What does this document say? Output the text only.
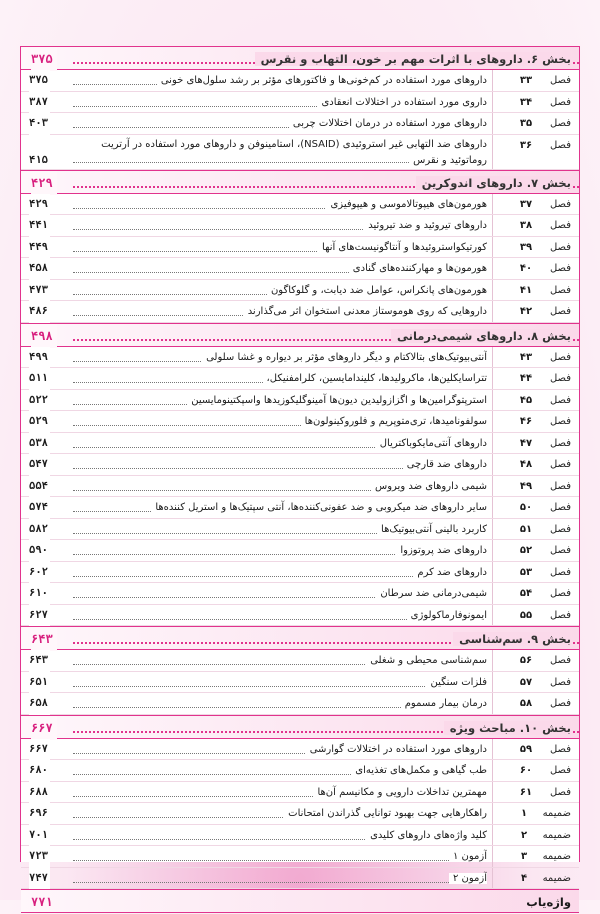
بخش ۶. داروهای با اثرات مهم بر خون، التهاب و نقرس
۳۷۵
فصل
۳۳
داروهای مورد استفاده در کم‌خونی‌ها و فاکتورهای مؤثر بر رشد سلول‌های خونی
۳۷۵
فصل
۳۴
داروی مورد استفاده در اختلالات انعقادی
۳۸۷
فصل
۳۵
داروهای مورد استفاده در درمان اختلالات چربی
۴۰۳
فصل
۳۶
داروهای ضد التهابی غیر استروئیدی (NSAID)، استامینوفن و داروهای مورد استفاده در آرتریت روماتوئید و نقرس
۴۱۵
بخش ۷. داروهای اندوکرین
۴۲۹
فصل
۳۷
هورمون‌های هیپوتالاموسی و هیپوفیزی
۴۲۹
فصل
۳۸
داروهای تیروئید و ضد تیروئید
۴۴۱
فصل
۳۹
کورتیکواستروئیدها و آنتاگونیست‌های آنها
۴۴۹
فصل
۴۰
هورمون‌ها و مهارکننده‌های گنادی
۴۵۸
فصل
۴۱
هورمون‌های پانکراس، عوامل ضد دیابت، و گلوکاگون
۴۷۳
فصل
۴۲
داروهایی که روی هوموستاز معدنی استخوان اثر می‌گذارند
۴۸۶
بخش ۸. داروهای شیمی‌درمانی
۴۹۸
فصل
۴۳
آنتی‌بیوتیک‌های بتالاکتام و دیگر داروهای مؤثر بر دیواره و غشا سلولی
۴۹۹
فصل
۴۴
تتراسایکلین‌ها، ماکرولیدها، کلیندامایسین، کلرامفنیکل،
۵۱۱
فصل
۴۵
استرپتوگرامین‌ها و اگزازولیدین دیون‌ها آمینوگلیکوزیدها واسپکتینومایسین
۵۲۲
فصل
۴۶
سولفونامیدها، تری‌متوپریم و فلوروکینولون‌ها
۵۲۹
فصل
۴۷
داروهای آنتی‌مایکوباکتریال
۵۳۸
فصل
۴۸
داروهای ضد قارچی
۵۴۷
فصل
۴۹
شیمی داروهای ضد ویروس
۵۵۴
فصل
۵۰
سایر داروهای ضد میکروبی و ضد عفونی‌کننده‌ها، آنتی سپتیک‌ها و استریل کننده‌ها
۵۷۴
فصل
۵۱
کاربرد بالینی آنتی‌بیوتیک‌ها
۵۸۲
فصل
۵۲
داروهای ضد پروتوزوا
۵۹۰
فصل
۵۳
داروهای ضد کرم
۶۰۲
فصل
۵۴
شیمی‌درمانی ضد سرطان
۶۱۰
فصل
۵۵
ایمونوفارماکولوژی
۶۲۷
بخش ۹. سم‌شناسی
۶۴۳
فصل
۵۶
سم‌شناسی محیطی و شغلی
۶۴۳
فصل
۵۷
فلزات سنگین
۶۵۱
فصل
۵۸
درمان بیمار مسموم
۶۵۸
بخش ۱۰. مباحث ویژه
۶۶۷
فصل
۵۹
داروهای مورد استفاده در اختلالات گوارشی
۶۶۷
فصل
۶۰
طب گیاهی و مکمل‌های تغذیه‌ای
۶۸۰
فصل
۶۱
مهمترین تداخلات دارویی و مکانیسم آن‌ها
۶۸۸
ضمیمه
۱
راهکارهایی جهت بهبود توانایی گذراندن امتحانات
۶۹۶
ضمیمه
۲
کلید واژه‌های داروهای کلیدی
۷۰۱
ضمیمه
۳
آزمون ۱
۷۲۳
ضمیمه
۴
آزمون ۲
۷۴۷
واژه‌یاب
۷۷۱
